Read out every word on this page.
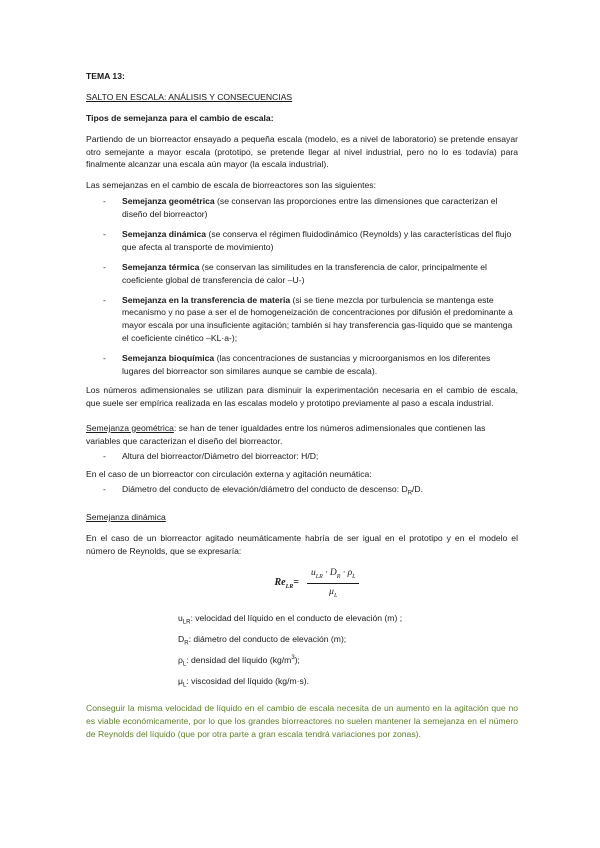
TEMA 13:

SALTO EN ESCALA: ANÁLISIS Y CONSECUENCIAS

Tipos de semejanza para el cambio de escala:

Partiendo de un biorreactor ensayado a pequeña escala (modelo, es a nivel de laboratorio) se pretende ensayar otro semejante a mayor escala (prototipo, se pretende llegar al nivel industrial, pero no lo es todavía) para finalmente alcanzar una escala aún mayor (la escala industrial).

Las semejanzas en el cambio de escala de biorreactores son las siguientes:

- Semejanza geométrica (se conservan las proporciones entre las dimensiones que caracterizan el diseño del biorreactor)
- Semejanza dinámica (se conserva el régimen fluidodinámico (Reynolds) y las características del flujo que afecta al transporte de movimiento)
- Semejanza térmica (se conservan las similitudes en la transferencia de calor, principalmente el coeficiente global de transferencia de calor –U-)
- Semejanza en la transferencia de materia (si se tiene mezcla por turbulencia se mantenga este mecanismo y no pase a ser el de homogeneización de concentraciones por difusión el predominante a mayor escala por una insuficiente agitación; también si hay transferencia gas-líquido que se mantenga el coeficiente cinético –KL·a-);
- Semejanza bioquímica (las concentraciones de sustancias y microorganismos en los diferentes lugares del biorreactor son similares aunque se cambie de escala).

Los números adimensionales se utilizan para disminuir la experimentación necesaria en el cambio de escala, que suele ser empírica realizada en las escalas modelo y prototipo previamente al paso a escala industrial.

Semejanza geométrica: se han de tener igualdades entre los números adimensionales que contienen las variables que caracterizan el diseño del biorreactor.

- Altura del biorreactor/Diámetro del biorreactor: H/D;

En el caso de un biorreactor con circulación externa y agitación neumática:

- Diámetro del conducto de elevación/diámetro del conducto de descenso: $D_R/D$.

Semejanza dinámica

En el caso de un biorreactor agitado neumáticamente habría de ser igual en el prototipo y en el modelo el número de Reynolds, que se expresaría:

$Re_{LR}= \frac{u_{LR} \cdot D_R \cdot \rho_L}{\mu_L}$

$u_{LR}$: velocidad del líquido en el conducto de elevación (m) ;

$D_R$: diámetro del conducto de elevación (m);

$\rho_L$: densidad del líquido $(kg/m^3)$;

$\mu_L$: viscosidad del líquido (kg/m·s).

Conseguir la misma velocidad de líquido en el cambio de escala necesita de un aumento en la agitación que no es viable económicamente, por lo que los grandes biorreactores no suelen mantener la semejanza en el número de Reynolds del líquido (que por otra parte a gran escala tendrá variaciones por zonas).
